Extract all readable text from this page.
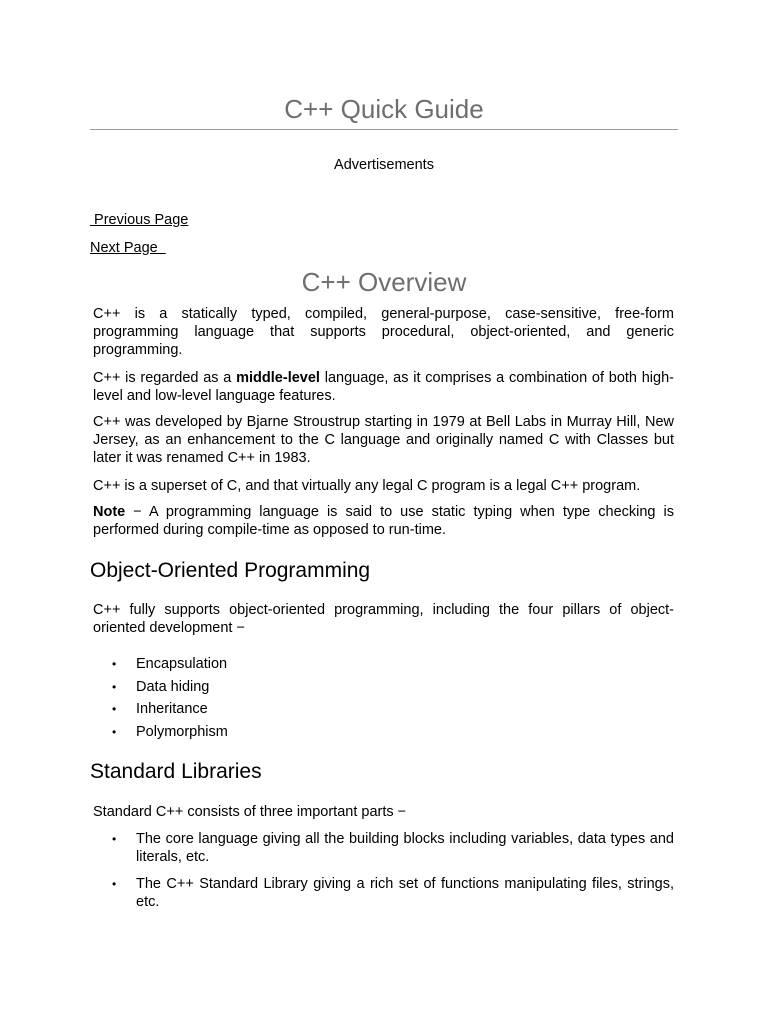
C++ Quick Guide
Advertisements
Previous Page
Next Page
C++ Overview

C++ is a statically typed, compiled, general-purpose, case-sensitive, free-form programming language that supports procedural, object-oriented, and generic programming.

C++ is regarded as a middle-level language, as it comprises a combination of both high-level and low-level language features.

C++ was developed by Bjarne Stroustrup starting in 1979 at Bell Labs in Murray Hill, New Jersey, as an enhancement to the C language and originally named C with Classes but later it was renamed C++ in 1983.

C++ is a superset of C, and that virtually any legal C program is a legal C++ program.

Note − A programming language is said to use static typing when type checking is performed during compile-time as opposed to run-time.

Object-Oriented Programming

C++ fully supports object-oriented programming, including the four pillars of object-oriented development −

• Encapsulation
• Data hiding
• Inheritance
• Polymorphism
Standard Libraries

Standard C++ consists of three important parts −

• The core language giving all the building blocks including variables, data types and literals, etc.
• The C++ Standard Library giving a rich set of functions manipulating files, strings, etc.
